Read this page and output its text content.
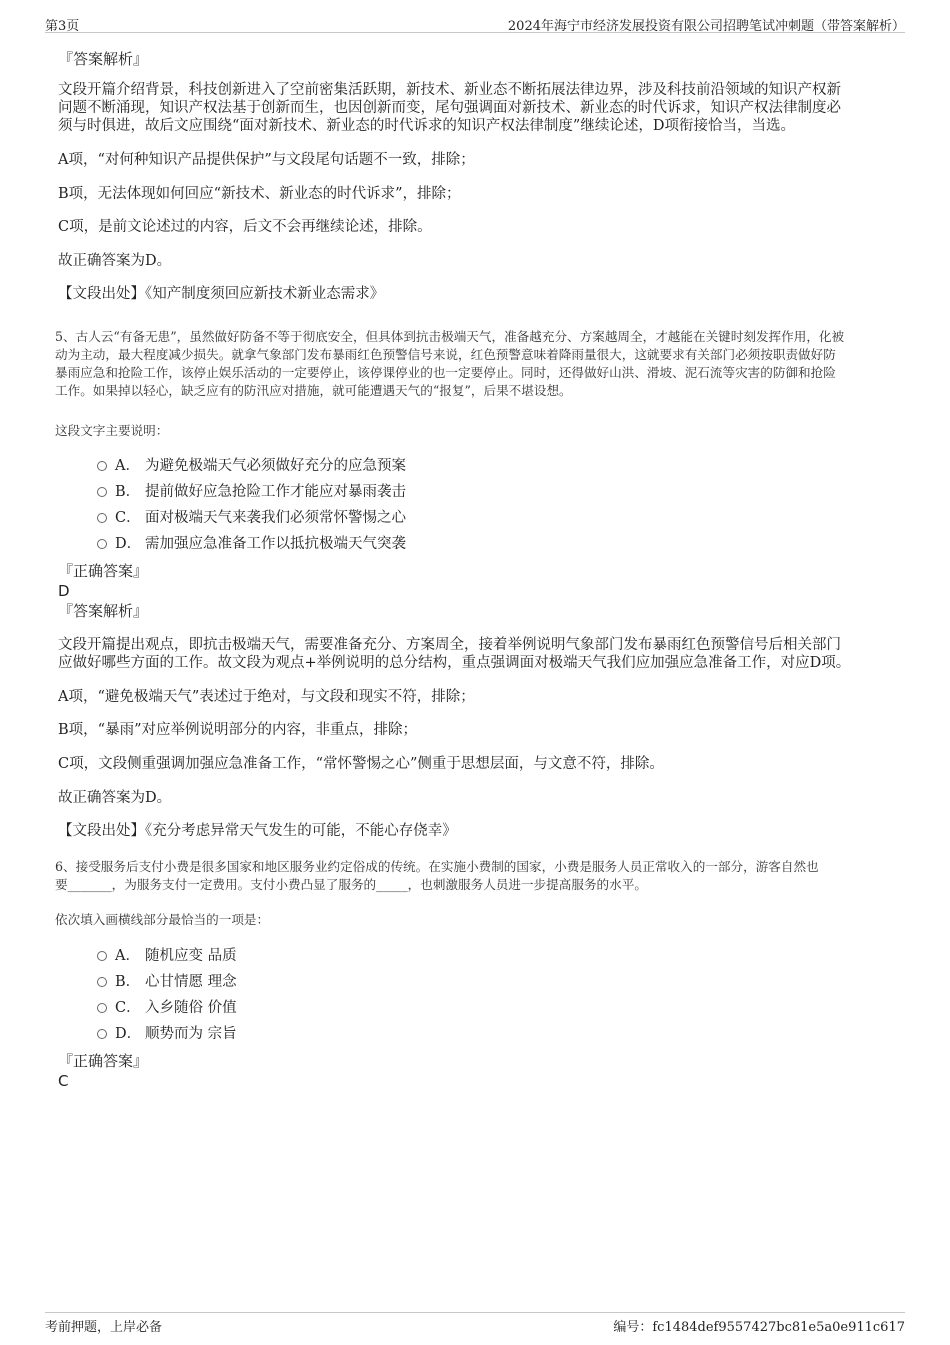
第3页	2024年海宁市经济发展投资有限公司招聘笔试冲刺题（带答案解析）
『答案解析』
文段开篇介绍背景，科技创新进入了空前密集活跃期，新技术、新业态不断拓展法律边界，涉及科技前沿领域的知识产权新
问题不断涌现，知识产权法基于创新而生，也因创新而变，尾句强调面对新技术、新业态的时代诉求，知识产权法律制度必
须与时俱进，故后文应围绕“面对新技术、新业态的时代诉求的知识产权法律制度”继续论述，D项衔接恰当，当选。
A项，“对何种知识产品提供保护”与文段尾句话题不一致，排除；
B项，无法体现如何回应“新技术、新业态的时代诉求”，排除；
C项，是前文论述过的内容，后文不会再继续论述，排除。
故正确答案为D。
【文段出处】《知产制度须回应新技术新业态需求》
5、古人云“有备无患”，虽然做好防备不等于彻底安全，但具体到抗击极端天气，准备越充分、方案越周全，才越能在关键时刻发挥作用，化被
动为主动，最大程度减少损失。就拿气象部门发布暴雨红色预警信号来说，红色预警意味着降雨量很大，这就要求有关部门必须按职责做好防
暴雨应急和抢险工作，该停止娱乐活动的一定要停止，该停课停业的也一定要停止。同时，还得做好山洪、滑坡、泥石流等灾害的防御和抢险
工作。如果掉以轻心，缺乏应有的防汛应对措施，就可能遭遇天气的“报复”，后果不堪设想。
这段文字主要说明：
A． 为避免极端天气必须做好充分的应急预案
B． 提前做好应急抢险工作才能应对暴雨袭击
C． 面对极端天气来袭我们必须常怀警惕之心
D． 需加强应急准备工作以抵抗极端天气突袭
『正确答案』
D
『答案解析』
文段开篇提出观点，即抗击极端天气，需要准备充分、方案周全，接着举例说明气象部门发布暴雨红色预警信号后相关部门
应做好哪些方面的工作。故文段为观点+举例说明的总分结构，重点强调面对极端天气我们应加强应急准备工作，对应D项。
A项，“避免极端天气”表述过于绝对，与文段和现实不符，排除；
B项，“暴雨”对应举例说明部分的内容，非重点，排除；
C项，文段侧重强调加强应急准备工作，“常怀警惕之心”侧重于思想层面，与文意不符，排除。
故正确答案为D。
【文段出处】《充分考虑异常天气发生的可能，不能心存侥幸》
6、接受服务后支付小费是很多国家和地区服务业约定俗成的传统。在实施小费制的国家，小费是服务人员正常收入的一部分，游客自然也
要_______，为服务支付一定费用。支付小费凸显了服务的_____，也刺激服务人员进一步提高服务的水平。
依次填入画横线部分最恰当的一项是：
A． 随机应变 品质
B． 心甘情愿 理念
C． 入乡随俗 价值
D． 顺势而为 宗旨
『正确答案』
C
考前押题，上岸必备	编号：fc1484def9557427bc81e5a0e911c617
